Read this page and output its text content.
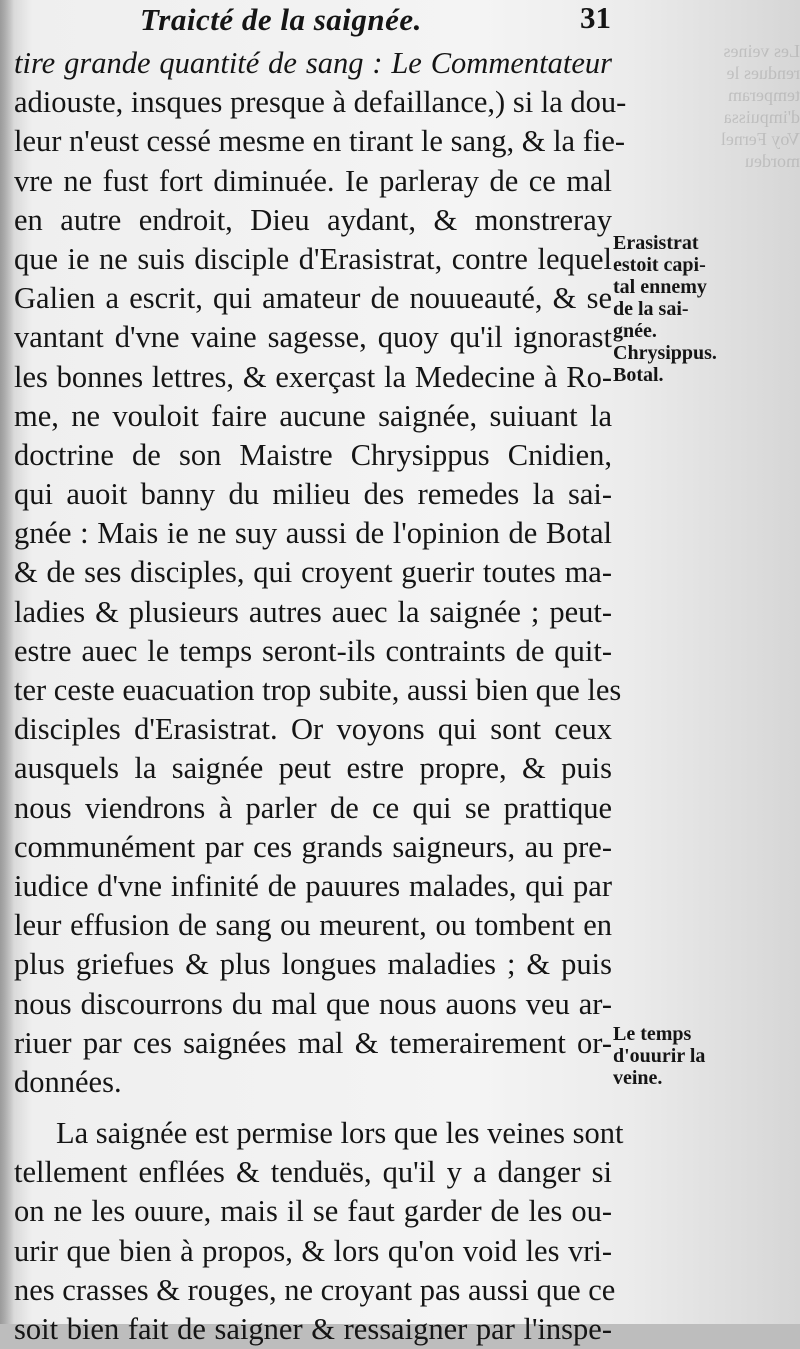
Les veines
rendues le
temperam
d'impuissa
Voy Fernel
mordeu
Traicté de la saignée.	31
tire grande quantité de sang : Le Commentateur
adiouste, insques presque à defaillance,) si la dou-
leur n'eust cessé mesme en tirant le sang, & la fie-
vre ne fust fort diminuée. Ie parleray de ce mal
en autre endroit, Dieu aydant, & monstreray
que ie ne suis disciple d'Erasistrat, contre lequel
Galien a escrit, qui amateur de nouueauté, & se
vantant d'vne vaine sagesse, quoy qu'il ignorast
les bonnes lettres, & exerçast la Medecine à Ro-
me, ne vouloit faire aucune saignée, suiuant la
doctrine de son Maistre Chrysippus Cnidien,
qui auoit banny du milieu des remedes la sai-
gnée : Mais ie ne suy aussi de l'opinion de Botal
& de ses disciples, qui croyent guerir toutes ma-
ladies & plusieurs autres auec la saignée ; peut-
estre auec le temps seront-ils contraints de quit-
ter ceste euacuation trop subite, aussi bien que les
disciples d'Erasistrat. Or voyons qui sont ceux
ausquels la saignée peut estre propre, & puis
nous viendrons à parler de ce qui se prattique
communément par ces grands saigneurs, au pre-
iudice d'vne infinité de pauures malades, qui par
leur effusion de sang ou meurent, ou tombent en
plus griefues & plus longues maladies ; & puis
nous discourrons du mal que nous auons veu ar-
riuer par ces saignées mal & temerairement or-
données.
La saignée est permise lors que les veines sont
tellement enflées & tenduës, qu'il y a danger si
on ne les ouure, mais il se faut garder de les ou-
urir que bien à propos, & lors qu'on void les vri-
nes crasses & rouges, ne croyant pas aussi que ce
soit bien fait de saigner & ressaigner par l'inspe-
Erasistrat
estoit capi-
tal ennemy
de la sai-
gnée.
Chrysippus.
Botal.
Le temps
d'ouurir la
veine.
